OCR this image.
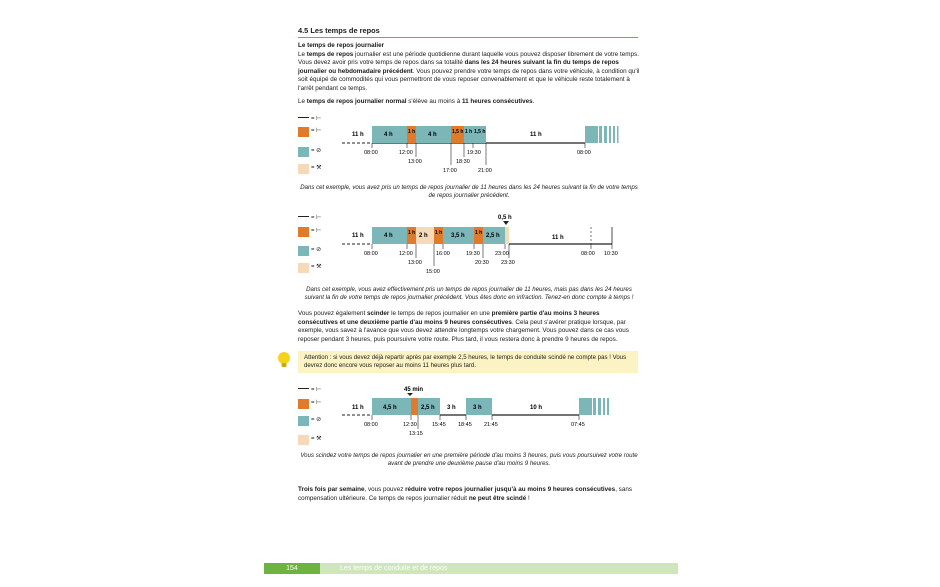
4.5 Les temps de repos
Le temps de repos journalier
Le temps de repos journalier est une période quotidienne durant laquelle vous pouvez disposer librement de votre temps. Vous devez avoir pris votre temps de repos dans sa totalité dans les 24 heures suivant la fin du temps de repos journalier ou hebdomadaire précédent. Vous pouvez prendre votre temps de repos dans votre véhicule, à condition qu'il soit équipé de commodités qui vous permettront de vous reposer convenablement et que le véhicule reste totalement à l'arrêt pendant ce temps.
Le temps de repos journalier normal s'élève au moins à 11 heures consécutives.
= ⊢
= ⊢
= ⊘
= ⚒
11 h	4 h	1 h 4 h	1,5 h 1 h 1,5 h	11 h
08:00	12:00
13:00
17:00
18:30
19:30
21:00
08:00
Dans cet exemple, vous avez pris un temps de repos journalier de 11 heures dans les 24 heures suivant la fin de votre temps de repos journalier précédent.
= ⊢
= ⊢
= ⊘
= ⚒
0,5 h
11 h	4 h	1 h 2 h 1 h 3,5 h 1 h 2,5 h	11 h
08:00	12:00
13:00
15:00
16:00	19:30
20:30
23:00
23:30
08:00 10:30
Dans cet exemple, vous avez effectivement pris un temps de repos journalier de 11 heures, mais pas dans les 24 heures suivant la fin de votre temps de repos journalier précédent. Vous êtes donc en infraction. Tenez-en donc compte à temps !
Vous pouvez également scinder le temps de repos journalier en une première partie d'au moins 3 heures consécutives et une deuxième partie d'au moins 9 heures consécutives. Cela peut s'avérer pratique lorsque, par exemple, vous savez à l'avance que vous devez attendre longtemps votre chargement. Vous pouvez dans ce cas vous reposer pendant 3 heures, puis poursuivre votre route. Plus tard, il vous restera donc à prendre 9 heures de repos.
Attention : si vous devez déjà repartir après par exemple 2,5 heures, le temps de conduite scindé ne compte pas ! Vous devrez donc encore vous reposer au moins 11 heures plus tard.
= ⊢
= ⊢
= ⊘
= ⚒
45 min
11 h	4,5 h	2,5 h 3 h	3 h	10 h
08:00	12:30
13:15
15:45 18:45 21:45	07:45
Vous scindez votre temps de repos journalier en une première période d'au moins 3 heures, puis vous poursuivez votre route avant de prendre une deuxième pause d'au moins 9 heures.
Trois fois par semaine, vous pouvez réduire votre repos journalier jusqu'à au moins 9 heures consécutives, sans compensation ultérieure. Ce temps de repos journalier réduit ne peut être scindé !
154	Les temps de conduite et de repos
